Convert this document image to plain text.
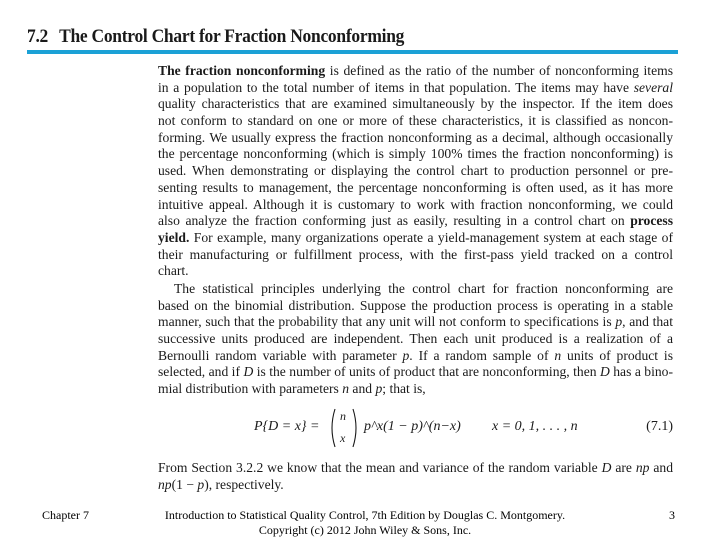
7.2 The Control Chart for Fraction Nonconforming
The fraction nonconforming is defined as the ratio of the number of nonconforming items
in a population to the total number of items in that population. The items may have several
quality characteristics that are examined simultaneously by the inspector. If the item does
not conform to standard on one or more of these characteristics, it is classified as noncon-
forming. We usually express the fraction nonconforming as a decimal, although occasionally
the percentage nonconforming (which is simply 100% times the fraction nonconforming) is
used. When demonstrating or displaying the control chart to production personnel or pre-
senting results to management, the percentage nonconforming is often used, as it has more
intuitive appeal. Although it is customary to work with fraction nonconforming, we could
also analyze the fraction conforming just as easily, resulting in a control chart on process
yield. For example, many organizations operate a yield-management system at each stage of
their manufacturing or fulfillment process, with the first-pass yield tracked on a control
chart.
The statistical principles underlying the control chart for fraction nonconforming are
based on the binomial distribution. Suppose the production process is operating in a stable
manner, such that the probability that any unit will not conform to specifications is p, and that
successive units produced are independent. Then each unit produced is a realization of a
Bernoulli random variable with parameter p. If a random sample of n units of product is
selected, and if D is the number of units of product that are nonconforming, then D has a bino-
mial distribution with parameters n and p; that is,
P{D = x} =
n
x
p^x(1 − p)^(n−x) x = 0, 1, . . . , n	(7.1)
From Section 3.2.2 we know that the mean and variance of the random variable D are np and
np(1 − p), respectively.
Chapter 7	Introduction to Statistical Quality Control, 7th Edition by Douglas C. Montgomery.
Copyright (c) 2012 John Wiley & Sons, Inc.
3
